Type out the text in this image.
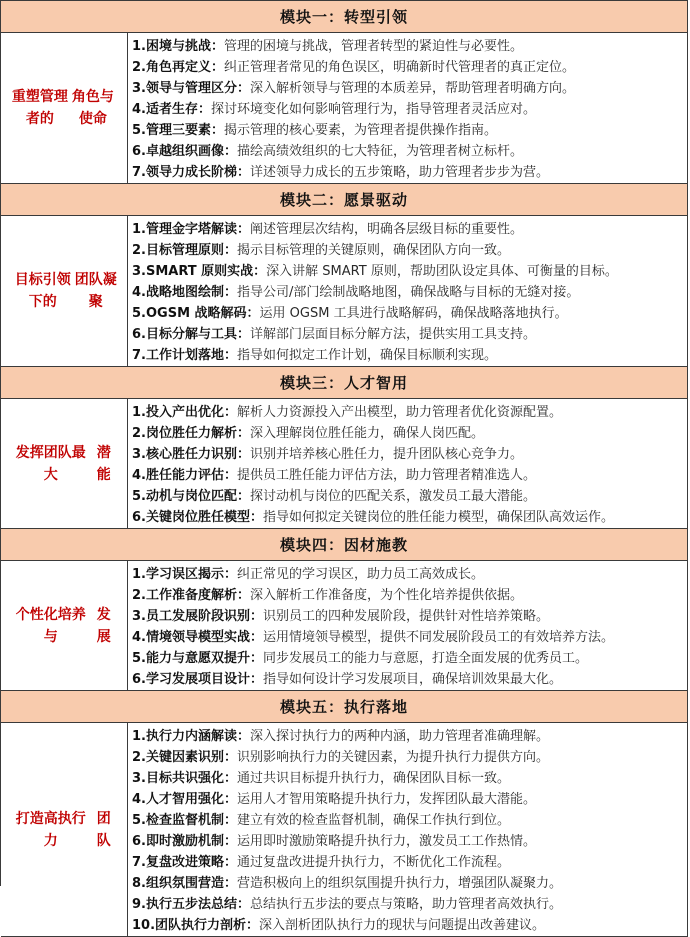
模块一：转型引领
重塑管理者的
角色与使命
1.困境与挑战：管理的困境与挑战，管理者转型的紧迫性与必要性。
2.角色再定义：纠正管理者常见的角色误区，明确新时代管理者的真正定位。
3.领导与管理区分：深入解析领导与管理的本质差异，帮助管理者明确方向。
4.适者生存：探讨环境变化如何影响管理行为，指导管理者灵活应对。
5.管理三要素：揭示管理的核心要素，为管理者提供操作指南。
6.卓越组织画像：描绘高绩效组织的七大特征，为管理者树立标杆。
7.领导力成长阶梯：详述领导力成长的五步策略，助力管理者步步为营。
模块二：愿景驱动
目标引领下的
团队凝聚
1.管理金字塔解读：阐述管理层次结构，明确各层级目标的重要性。
2.目标管理原则：揭示目标管理的关键原则，确保团队方向一致。
3.SMART 原则实战：深入讲解 SMART 原则，帮助团队设定具体、可衡量的目标。
4.战略地图绘制：指导公司/部门绘制战略地图，确保战略与目标的无缝对接。
5.OGSM 战略解码：运用 OGSM 工具进行战略解码，确保战略落地执行。
6.目标分解与工具：详解部门层面目标分解方法，提供实用工具支持。
7.工作计划落地：指导如何拟定工作计划，确保目标顺利实现。
模块三：人才智用
发挥团队最大
潜能
1.投入产出优化：解析人力资源投入产出模型，助力管理者优化资源配置。
2.岗位胜任力解析：深入理解岗位胜任能力，确保人岗匹配。
3.核心胜任力识别：识别并培养核心胜任力，提升团队核心竞争力。
4.胜任能力评估：提供员工胜任能力评估方法，助力管理者精准选人。
5.动机与岗位匹配：探讨动机与岗位的匹配关系，激发员工最大潜能。
6.关键岗位胜任模型：指导如何拟定关键岗位的胜任能力模型，确保团队高效运作。
模块四：因材施教
个性化培养与
发展
1.学习误区揭示：纠正常见的学习误区，助力员工高效成长。
2.工作准备度解析：深入解析工作准备度，为个性化培养提供依据。
3.员工发展阶段识别：识别员工的四种发展阶段，提供针对性培养策略。
4.情境领导模型实战：运用情境领导模型，提供不同发展阶段员工的有效培养方法。
5.能力与意愿双提升：同步发展员工的能力与意愿，打造全面发展的优秀员工。
6.学习发展项目设计：指导如何设计学习发展项目，确保培训效果最大化。
模块五：执行落地
打造高执行力
团队
1.执行力内涵解读：深入探讨执行力的两种内涵，助力管理者准确理解。
2.关键因素识别：识别影响执行力的关键因素，为提升执行力提供方向。
3.目标共识强化：通过共识目标提升执行力，确保团队目标一致。
4.人才智用强化：运用人才智用策略提升执行力，发挥团队最大潜能。
5.检查监督机制：建立有效的检查监督机制，确保工作执行到位。
6.即时激励机制：运用即时激励策略提升执行力，激发员工工作热情。
7.复盘改进策略：通过复盘改进提升执行力，不断优化工作流程。
8.组织氛围营造：营造积极向上的组织氛围提升执行力，增强团队凝聚力。
9.执行五步法总结：总结执行五步法的要点与策略，助力管理者高效执行。
10.团队执行力剖析：深入剖析团队执行力的现状与问题提出改善建议。
